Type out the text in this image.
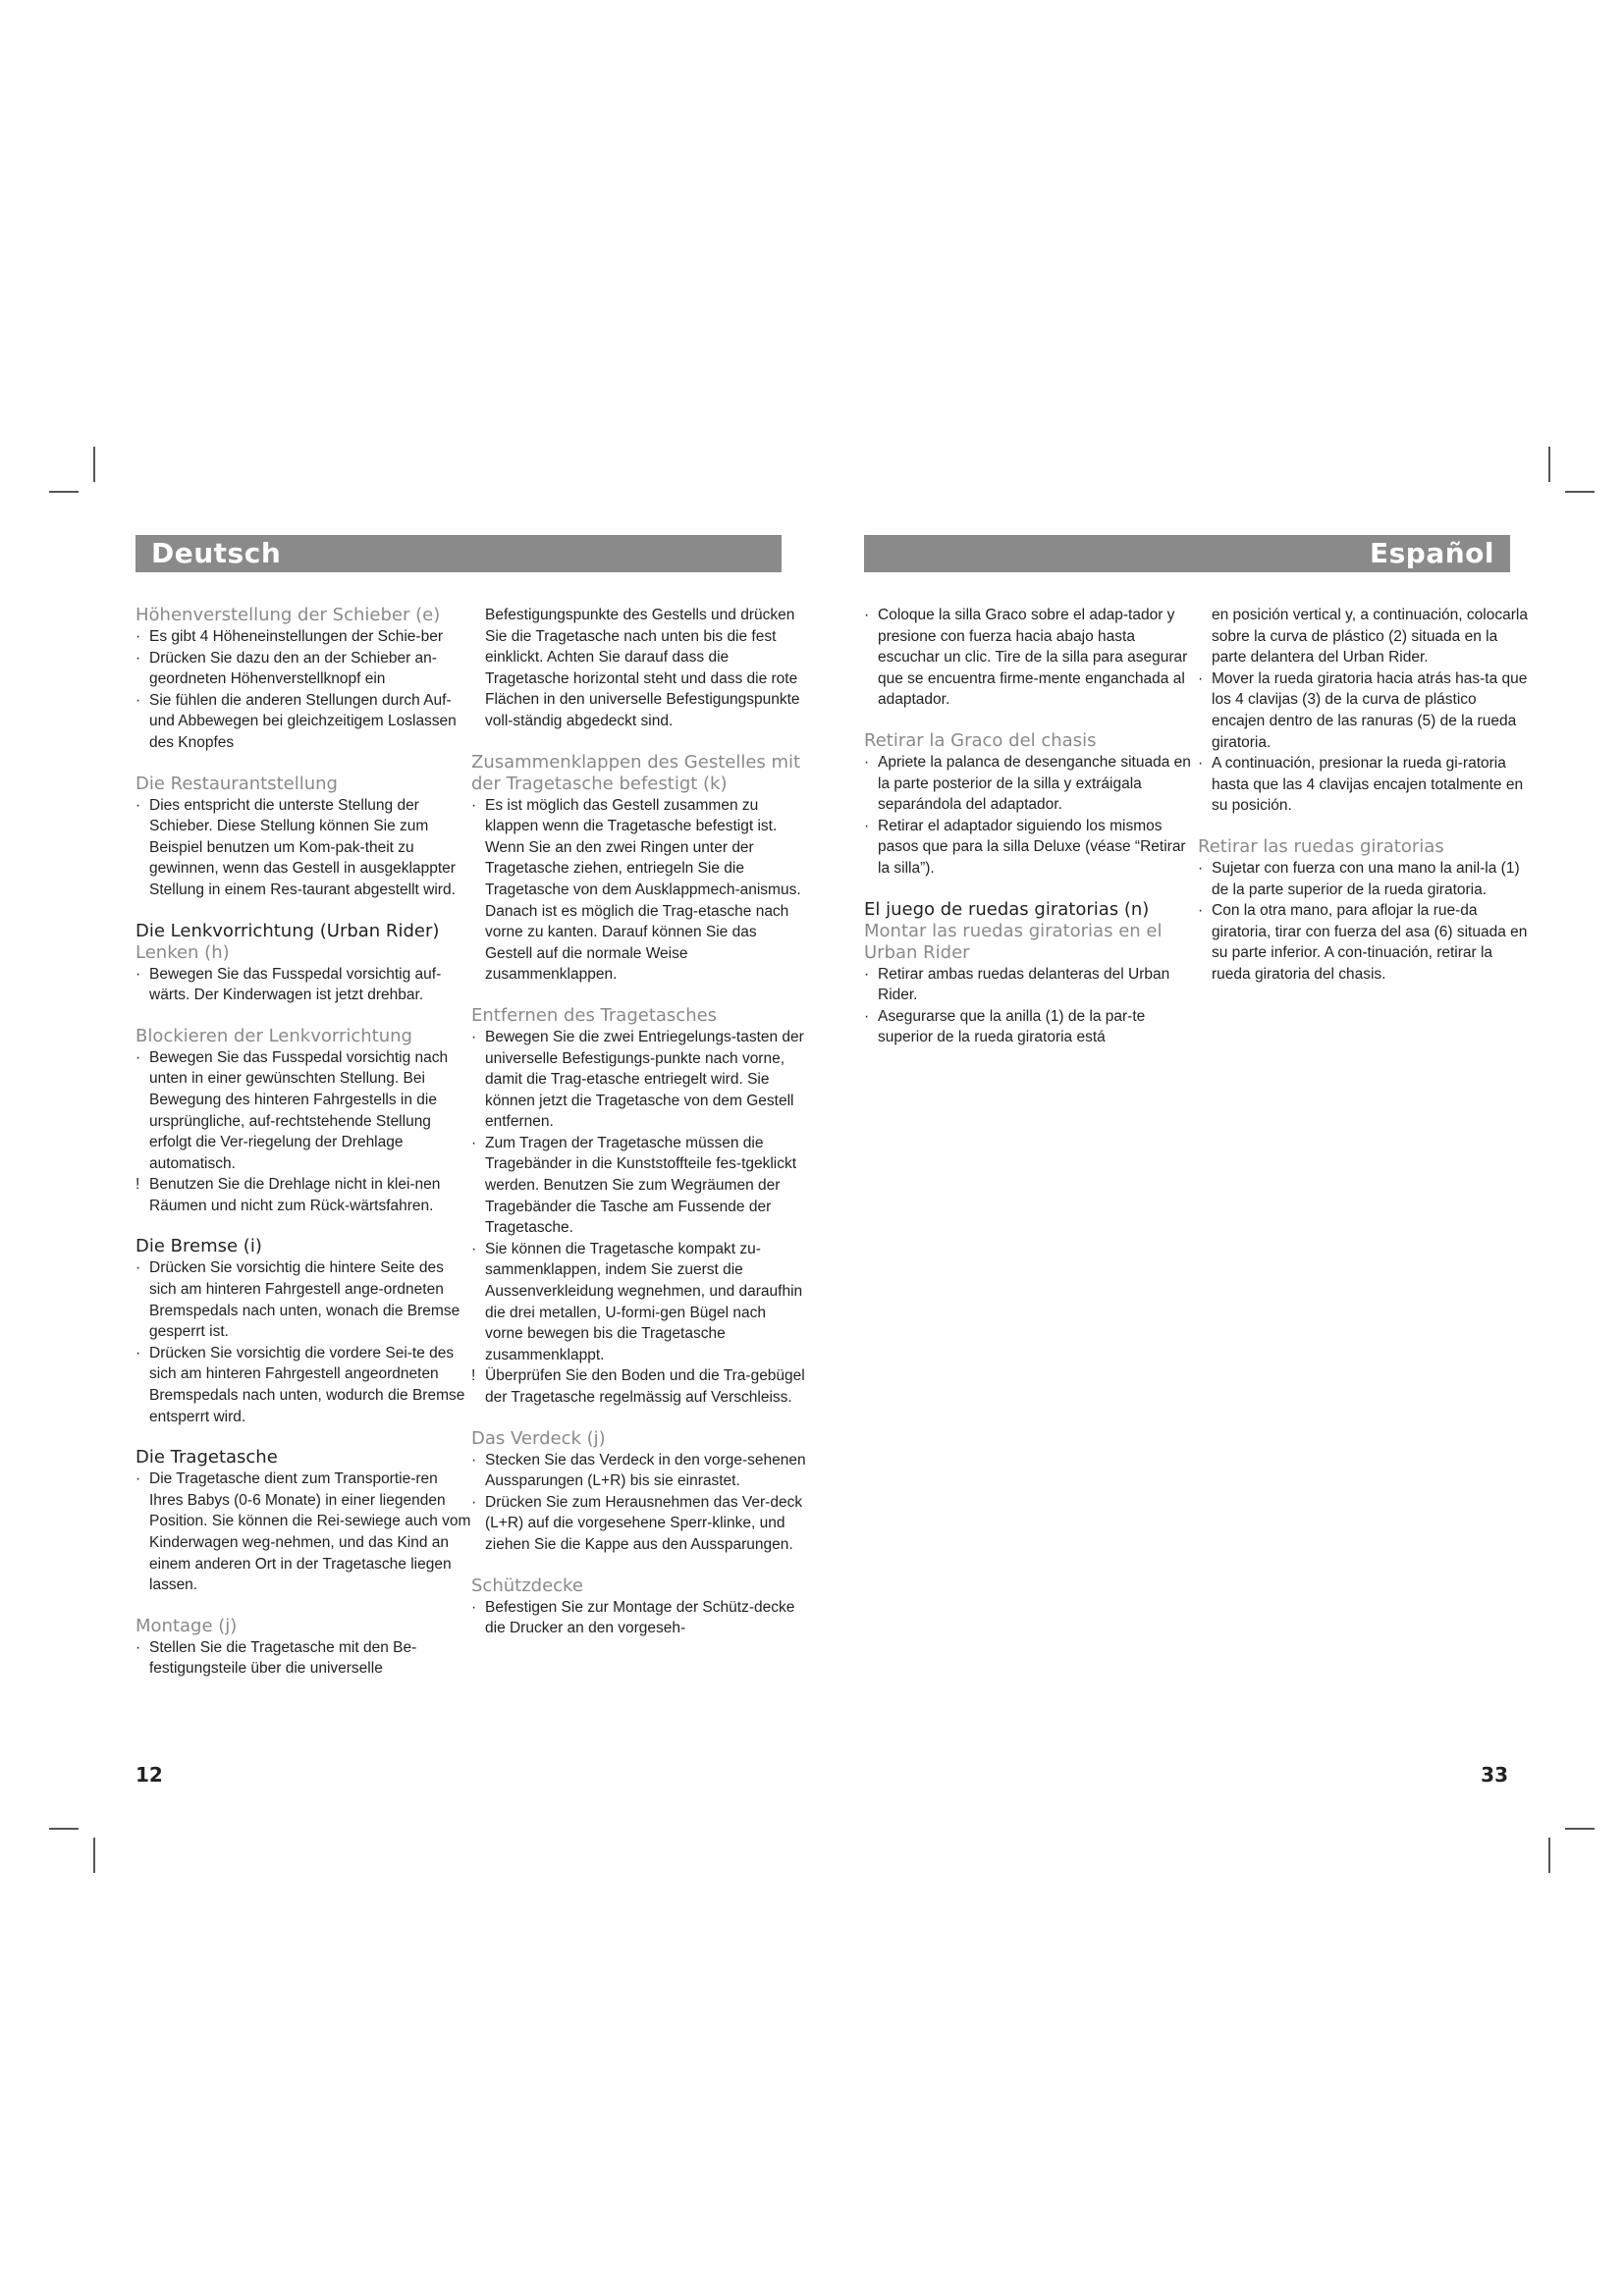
Deutsch	Español
Höhenverstellung der Schieber (e)
· Es gibt 4 Höheneinstellungen der Schie-ber
· Drücken Sie dazu den an der Schieber an-geordneten Höhenverstellknopf ein
· Sie fühlen die anderen Stellungen durch Auf- und Abbewegen bei gleichzeitigem Loslassen des Knopfes
Die Restaurantstellung
· Dies entspricht die unterste Stellung der Schieber. Diese Stellung können Sie zum Beispiel benutzen um Kom-pak-theit zu gewinnen, wenn das Gestell in ausgeklappter Stellung in einem Res-taurant abgestellt wird.
Die Lenkvorrichtung (Urban Rider)
Lenken (h)
· Bewegen Sie das Fusspedal vorsichtig auf-wärts. Der Kinderwagen ist jetzt drehbar.
Blockieren der Lenkvorrichtung
· Bewegen Sie das Fusspedal vorsichtig nach unten in einer gewünschten Stellung. Bei Bewegung des hinteren Fahrgestells in die ursprüngliche, auf-rechtstehende Stellung erfolgt die Ver-riegelung der Drehlage automatisch.
! Benutzen Sie die Drehlage nicht in klei-nen Räumen und nicht zum Rück-wärtsfahren.
Die Bremse (i)
· Drücken Sie vorsichtig die hintere Seite des sich am hinteren Fahrgestell ange-ordneten Bremspedals nach unten, wonach die Bremse gesperrt ist.
· Drücken Sie vorsichtig die vordere Sei-te des sich am hinteren Fahrgestell angeordneten Bremspedals nach unten, wodurch die Bremse entsperrt wird.
Die Tragetasche
· Die Tragetasche dient zum Transportie-ren Ihres Babys (0-6 Monate) in einer liegenden Position. Sie können die Rei-sewiege auch vom Kinderwagen weg-nehmen, und das Kind an einem anderen Ort in der Tragetasche liegen lassen.
Montage (j)
· Stellen Sie die Tragetasche mit den Be-festigungsteile über die universelle
Befestigungspunkte des Gestells und drücken Sie die Tragetasche nach unten bis die fest einklickt. Achten Sie darauf dass die Tragetasche horizontal steht und dass die rote Flächen in den universelle Befestigungspunkte voll-ständig abgedeckt sind.
Zusammenklappen des Gestelles mit der Tragetasche befestigt (k)
· Es ist möglich das Gestell zusammen zu klappen wenn die Tragetasche befestigt ist. Wenn Sie an den zwei Ringen unter der Tragetasche ziehen, entriegeln Sie die Tragetasche von dem Ausklappmech-anismus. Danach ist es möglich die Trag-etasche nach vorne zu kanten. Darauf können Sie das Gestell auf die normale Weise zusammenklappen.
Entfernen des Tragetasches
· Bewegen Sie die zwei Entriegelungs-tasten der universelle Befestigungs-punkte nach vorne, damit die Trag-etasche entriegelt wird. Sie können jetzt die Tragetasche von dem Gestell entfernen.
· Zum Tragen der Tragetasche müssen die Tragebänder in die Kunststoffteile fes-tgeklickt werden. Benutzen Sie zum Wegräumen der Tragebänder die Tasche am Fussende der Tragetasche.
· Sie können die Tragetasche kompakt zu-sammenklappen, indem Sie zuerst die Aussenverkleidung wegnehmen, und daraufhin die drei metallen, U-formi-gen Bügel nach vorne bewegen bis die Tragetasche zusammenklappt.
! Überprüfen Sie den Boden und die Tra-gebügel der Tragetasche regelmässig auf Verschleiss.
Das Verdeck (j)
· Stecken Sie das Verdeck in den vorge-sehenen Aussparungen (L+R) bis sie einrastet.
· Drücken Sie zum Herausnehmen das Ver-deck (L+R) auf die vorgesehene Sperr-klinke, und ziehen Sie die Kappe aus den Aussparungen.
Schützdecke
· Befestigen Sie zur Montage der Schütz-decke die Drucker an den vorgeseh-
· Coloque la silla Graco sobre el adap-tador y presione con fuerza hacia abajo hasta escuchar un clic. Tire de la silla para asegurar que se encuentra firme-mente enganchada al adaptador.
Retirar la Graco del chasis
· Apriete la palanca de desenganche situada en la parte posterior de la silla y extráigala separándola del adaptador.
· Retirar el adaptador siguiendo los mismos pasos que para la silla Deluxe (véase “Retirar la silla”).
El juego de ruedas giratorias (n)
Montar las ruedas giratorias en el Urban Rider
· Retirar ambas ruedas delanteras del Urban Rider.
· Asegurarse que la anilla (1) de la par-te superior de la rueda giratoria está
en posición vertical y, a continuación, colocarla sobre la curva de plástico (2) situada en la parte delantera del Urban Rider.
· Mover la rueda giratoria hacia atrás has-ta que los 4 clavijas (3) de la curva de plástico encajen dentro de las ranuras (5) de la rueda giratoria.
· A continuación, presionar la rueda gi-ratoria hasta que las 4 clavijas encajen totalmente en su posición.
Retirar las ruedas giratorias
· Sujetar con fuerza con una mano la anil-la (1) de la parte superior de la rueda giratoria.
· Con la otra mano, para aflojar la rue-da giratoria, tirar con fuerza del asa (6) situada en su parte inferior. A con-tinuación, retirar la rueda giratoria del chasis.
12	33
